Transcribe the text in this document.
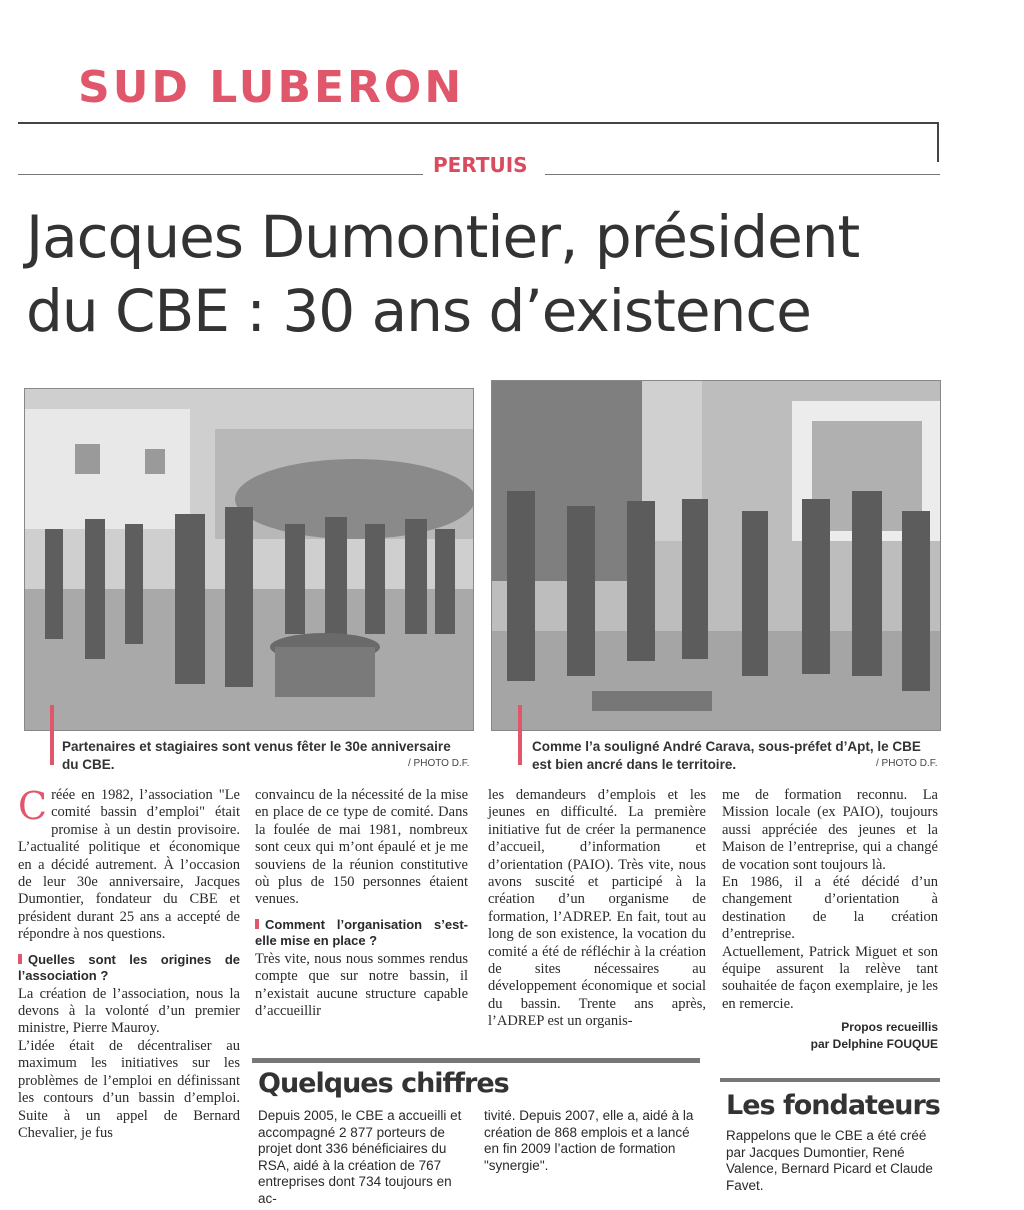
SUD LUBERON
PERTUIS
Jacques Dumontier, président
du CBE : 30 ans d’existence
Partenaires et stagiaires sont venus fêter le 30e anniversaire du CBE.	/ PHOTO D.F.
Comme l’a souligné André Carava, sous-préfet d’Apt, le CBE est bien ancré dans le territoire.	/ PHOTO D.F.

Créée en 1982, l’association "Le comité bassin d’emploi" était promise à un destin provisoire. L’actualité politique et économique en a décidé autrement. À l’occasion de leur 30e anniversaire, Jacques Dumontier, fondateur du CBE et président durant 25 ans a accepté de répondre à nos questions.

Quelles sont les origines de l’association ?

La création de l’association, nous la devons à la volonté d’un premier ministre, Pierre Mauroy.

L’idée était de décentraliser au maximum les initiatives sur les problèmes de l’emploi en définissant les contours d’un bassin d’emploi. Suite à un appel de Bernard Chevalier, je fus

convaincu de la nécessité de la mise en place de ce type de comité. Dans la foulée de mai 1981, nombreux sont ceux qui m’ont épaulé et je me souviens de la réunion constitutive où plus de 150 personnes étaient venues.

Comment l’organisation s’est-elle mise en place ?

Très vite, nous nous sommes rendus compte que sur notre bassin, il n’existait aucune structure capable d’accueillir

les demandeurs d’emplois et les jeunes en difficulté. La première initiative fut de créer la permanence d’accueil, d’information et d’orientation (PAIO). Très vite, nous avons suscité et participé à la création d’un organisme de formation, l’ADREP. En fait, tout au long de son existence, la vocation du comité a été de réfléchir à la création de sites nécessaires au développement économique et social du bassin. Trente ans après, l’ADREP est un organis-

me de formation reconnu. La Mission locale (ex PAIO), toujours aussi appréciée des jeunes et la Maison de l’entreprise, qui a changé de vocation sont toujours là.

En 1986, il a été décidé d’un changement d’orientation à destination de la création d’entreprise.

Actuellement, Patrick Miguet et son équipe assurent la relève tant souhaitée de façon exemplaire, je les en remercie.

Propos recueillis
par Delphine FOUQUE
Quelques chiffres
Depuis 2005, le CBE a accueilli et accompagné 2 877 porteurs de projet dont 336 bénéficiaires du RSA, aidé à la création de 767 entreprises dont 734 toujours en ac-
tivité. Depuis 2007, elle a, aidé à la création de 868 emplois et a lancé en fin 2009 l’action de formation "synergie".
Les fondateurs
Rappelons que le CBE a été créé par Jacques Dumontier, René Valence, Bernard Picard et Claude Favet.
